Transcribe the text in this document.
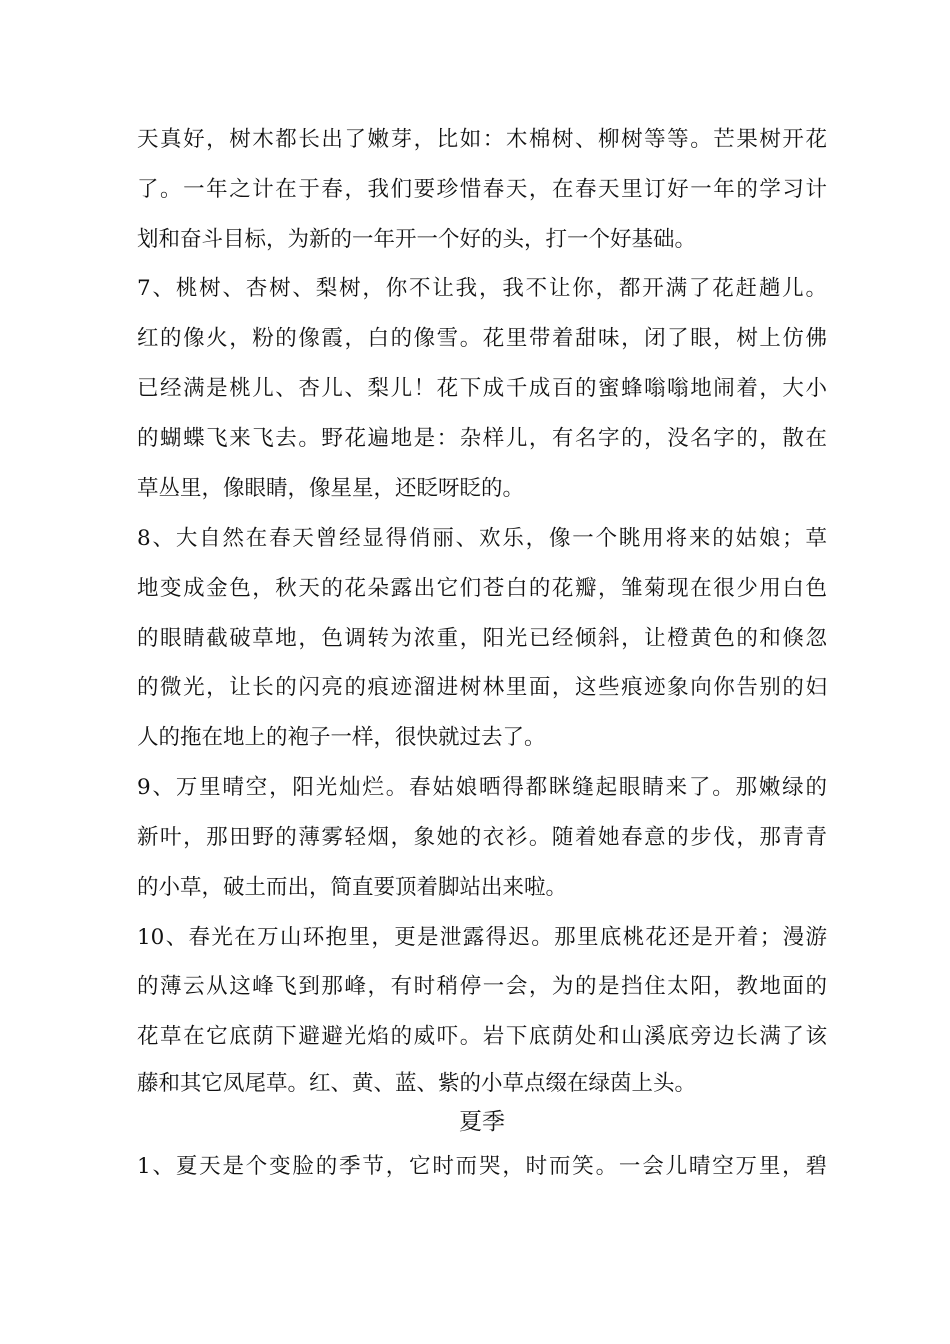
天真好，树木都长出了嫩芽，比如：木棉树、柳树等等。芒果树开花
了。一年之计在于春，我们要珍惜春天，在春天里订好一年的学习计
划和奋斗目标，为新的一年开一个好的头，打一个好基础。
7、桃树、杏树、梨树，你不让我，我不让你，都开满了花赶趟儿。
红的像火，粉的像霞，白的像雪。花里带着甜味，闭了眼，树上仿佛
已经满是桃儿、杏儿、梨儿！花下成千成百的蜜蜂嗡嗡地闹着，大小
的蝴蝶飞来飞去。野花遍地是：杂样儿，有名字的，没名字的，散在
草丛里，像眼睛，像星星，还眨呀眨的。
8、大自然在春天曾经显得俏丽、欢乐，像一个眺用将来的姑娘；草
地变成金色，秋天的花朵露出它们苍白的花瓣，雏菊现在很少用白色
的眼睛截破草地，色调转为浓重，阳光已经倾斜，让橙黄色的和倏忽
的微光，让长的闪亮的痕迹溜进树林里面，这些痕迹象向你告别的妇
人的拖在地上的袍子一样，很快就过去了。
9、万里晴空，阳光灿烂。春姑娘晒得都眯缝起眼睛来了。那嫩绿的
新叶，那田野的薄雾轻烟，象她的衣衫。随着她春意的步伐，那青青
的小草，破土而出，简直要顶着脚站出来啦。
10、春光在万山环抱里，更是泄露得迟。那里底桃花还是开着；漫游
的薄云从这峰飞到那峰，有时稍停一会，为的是挡住太阳，教地面的
花草在它底荫下避避光焰的威吓。岩下底荫处和山溪底旁边长满了该
藤和其它凤尾草。红、黄、蓝、紫的小草点缀在绿茵上头。
夏季
1、夏天是个变脸的季节，它时而哭，时而笑。一会儿晴空万里，碧
